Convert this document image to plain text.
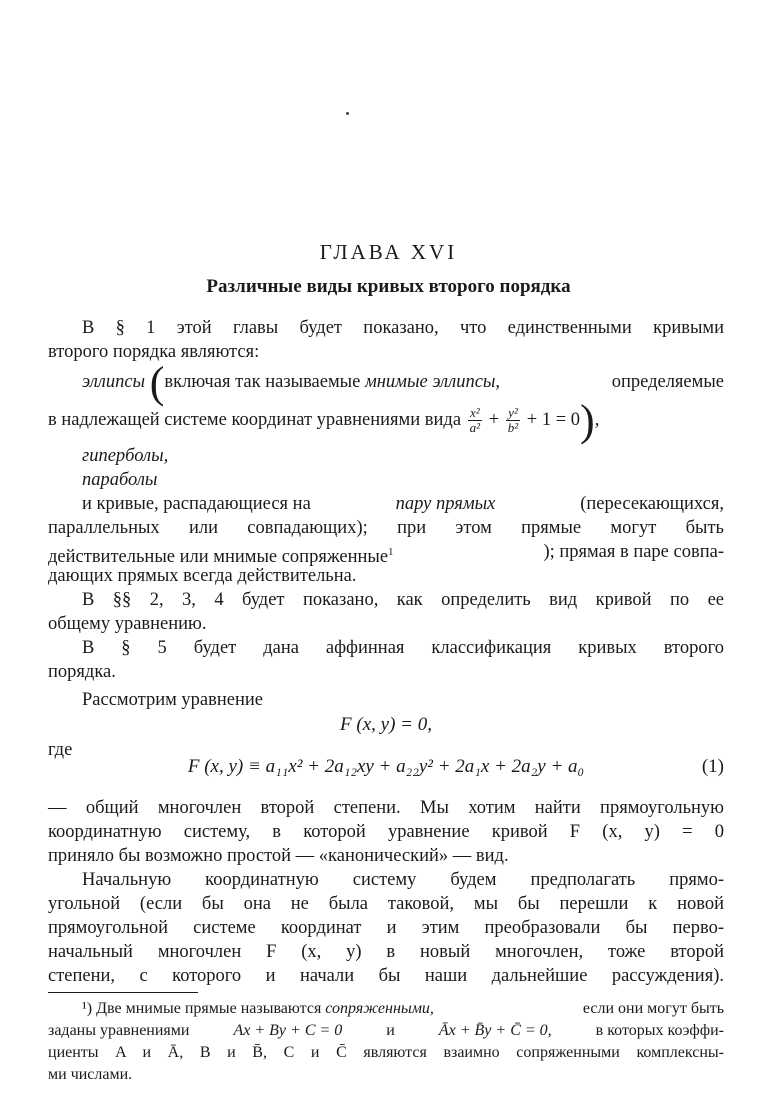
ГЛАВА XVI
Различные виды кривых второго порядка
В § 1 этой главы будет показано, что единственными кривыми
второго порядка являются:
эллипсы (включая так называемые мнимые эллипсы,	определяемые
в надлежащей системе координат уравнениями вида $\frac{\text{x²}}{\text{a²}} + \frac{\text{y²}}{\text{b²}} + 1 = 0$),
гиперболы,
параболы
и кривые, распадающиеся на	пару прямых	(пересекающихся,
параллельных или совпадающих); при этом прямые могут быть
действительные или мнимые сопряженные$^1$	); прямая в паре совпа-
дающих прямых всегда действительна.
В §§ 2, 3, 4 будет показано, как определить вид кривой по ее
общему уравнению.
В § 5 будет дана аффинная классификация кривых второго
порядка.
Рассмотрим уравнение
F (x, y) = 0,
где
F (x, y) ≡ a₁₁x² + 2a₁₂xy + a₂₂y² + 2a₁x + 2a₂y + a₀	(1)
— общий многочлен второй степени. Мы хотим найти прямоугольную
координатную систему, в которой уравнение кривой F (x, y) = 0
приняло бы возможно простой — «канонический» — вид.
Начальную координатную систему будем предполагать прямо-
угольной (если бы она не была таковой, мы бы перешли к новой
прямоугольной системе координат и этим преобразовали бы перво-
начальный многочлен F (x, y) в новый многочлен, тоже второй
степени, с которого и начали бы наши дальнейшие рассуждения).
¹) Две мнимые прямые называются сопряженными,	если они могут быть
заданы уравнениями	Ax + By + C = 0	и	Āx + B̄y + C̄ = 0,	в которых коэффи-
циенты A и Ā, B и B̄, C и C̄ являются взаимно сопряженными комплексны-
ми числами.
